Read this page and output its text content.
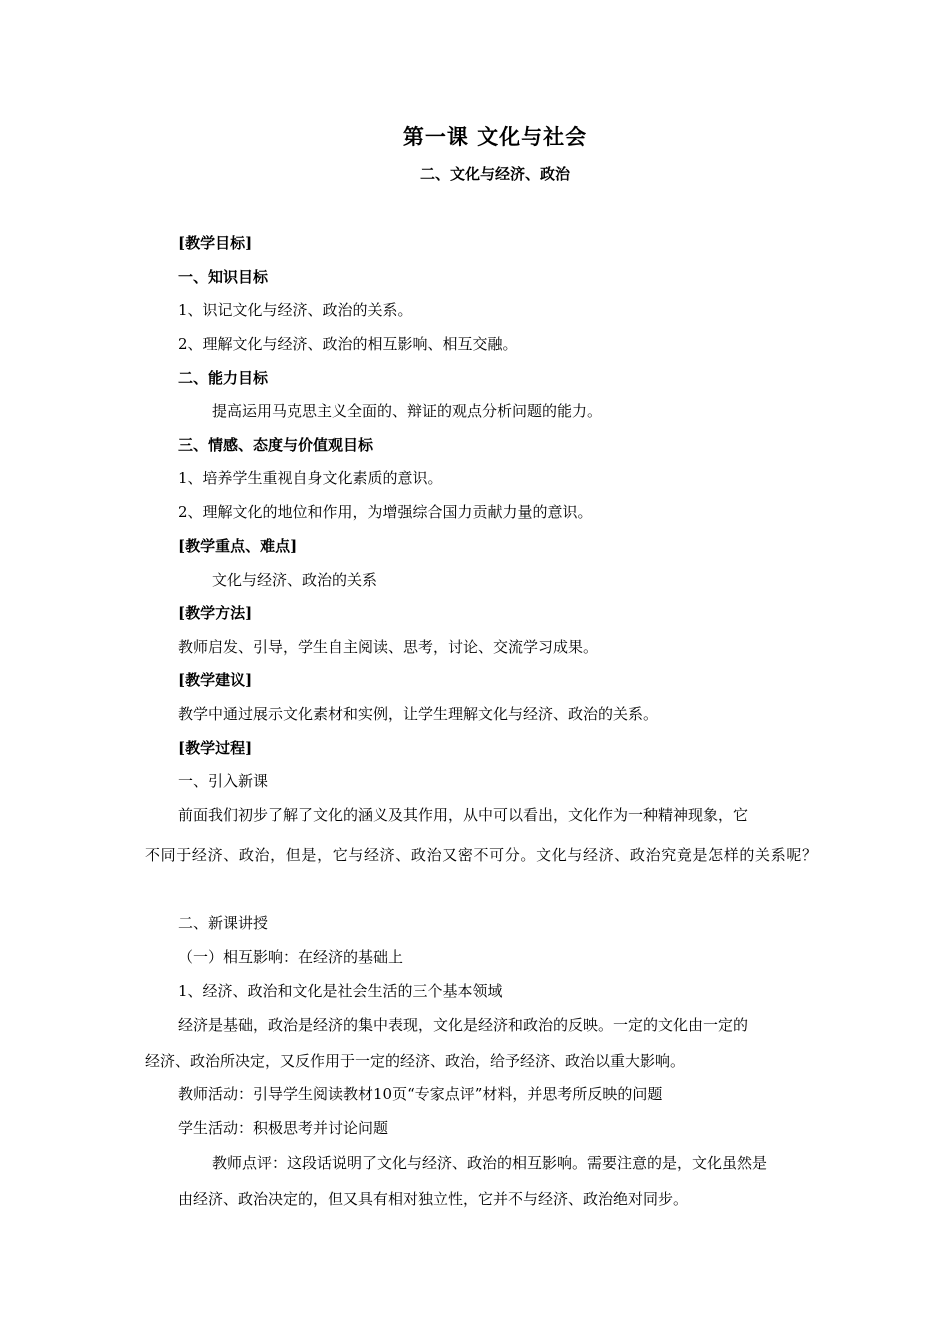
第一课 文化与社会
二、文化与经济、政治
[教学目标]
一、知识目标
1、识记文化与经济、政治的关系。
2、理解文化与经济、政治的相互影响、相互交融。
二、能力目标
提高运用马克思主义全面的、辩证的观点分析问题的能力。
三、情感、态度与价值观目标
1、培养学生重视自身文化素质的意识。
2、理解文化的地位和作用，为增强综合国力贡献力量的意识。
[教学重点、难点]
文化与经济、政治的关系
[教学方法]
教师启发、引导，学生自主阅读、思考，讨论、交流学习成果。
[教学建议]
教学中通过展示文化素材和实例，让学生理解文化与经济、政治的关系。
[教学过程]
一、引入新课
前面我们初步了解了文化的涵义及其作用，从中可以看出，文化作为一种精神现象，它
不同于经济、政治，但是，它与经济、政治又密不可分。文化与经济、政治究竟是怎样的关系呢？
二、新课讲授
（一）相互影响：在经济的基础上
1、经济、政治和文化是社会生活的三个基本领域
经济是基础，政治是经济的集中表现，文化是经济和政治的反映。一定的文化由一定的
经济、政治所决定，又反作用于一定的经济、政治，给予经济、政治以重大影响。
教师活动：引导学生阅读教材10页“专家点评”材料，并思考所反映的问题
学生活动：积极思考并讨论问题
教师点评：这段话说明了文化与经济、政治的相互影响。需要注意的是，文化虽然是
由经济、政治决定的，但又具有相对独立性，它并不与经济、政治绝对同步。
